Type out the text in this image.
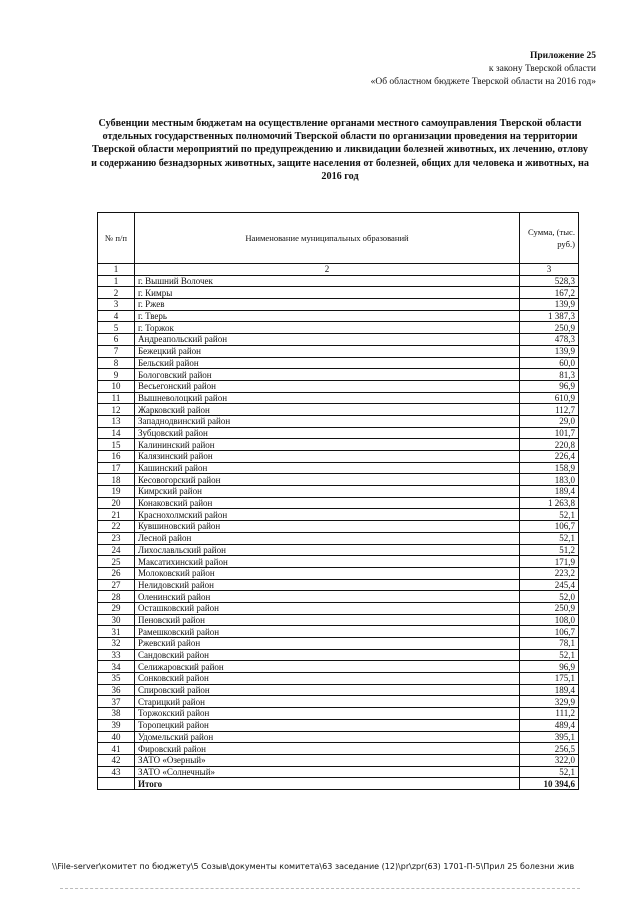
Приложение 25
к закону Тверской области
«Об областном бюджете Тверской области на 2016 год»
Субвенции местным бюджетам на осуществление органами местного самоуправления Тверской области отдельных государственных полномочий Тверской области по организации проведения на территории Тверской области мероприятий по предупреждению и ликвидации болезней животных, их лечению, отлову и содержанию безнадзорных животных, защите населения от болезней, общих для человека и животных, на 2016 год
№ п/п	Наименование муниципальных образований	Сумма, (тыс. руб.)
1	2	3
1	г. Вышний Волочек	528,3
2	г. Кимры	167,2
3	г. Ржев	139,9
4	г. Тверь	1 387,3
5	г. Торжок	250,9
6	Андреапольский район	478,3
7	Бежецкий район	139,9
8	Бельский район	60,0
9	Бологовский район	81,3
10	Весьегонский район	96,9
11	Вышневолоцкий район	610,9
12	Жарковский район	112,7
13	Западнодвинский район	29,0
14	Зубцовский район	101,7
15	Калининский район	220,8
16	Калязинский район	226,4
17	Кашинский район	158,9
18	Кесовогорский район	183,0
19	Кимрский район	189,4
20	Конаковский район	1 263,8
21	Краснохолмский район	52,1
22	Кувшиновский район	106,7
23	Лесной район	52,1
24	Лихославльский район	51,2
25	Максатихинский район	171,9
26	Молоковский район	223,2
27	Нелидовский район	245,4
28	Оленинский район	52,0
29	Осташковский район	250,9
30	Пеновский район	108,0
31	Рамешковский район	106,7
32	Ржевский район	78,1
33	Сандовский район	52,1
34	Селижаровский район	96,9
35	Сонковский район	175,1
36	Спировский район	189,4
37	Старицкий район	329,9
38	Торжокский район	111,2
39	Торопецкий район	489,4
40	Удомельский район	395,1
41	Фировский район	256,5
42	ЗАТО «Озерный»	322,0
43	ЗАТО «Солнечный»	52,1
	Итого	10 394,6
\\File-server\комитет по бюджету\5 Созыв\документы комитета\63 заседание (12)\pr\zpr(63) 1701-П-5\Прил 25 болезни жив
